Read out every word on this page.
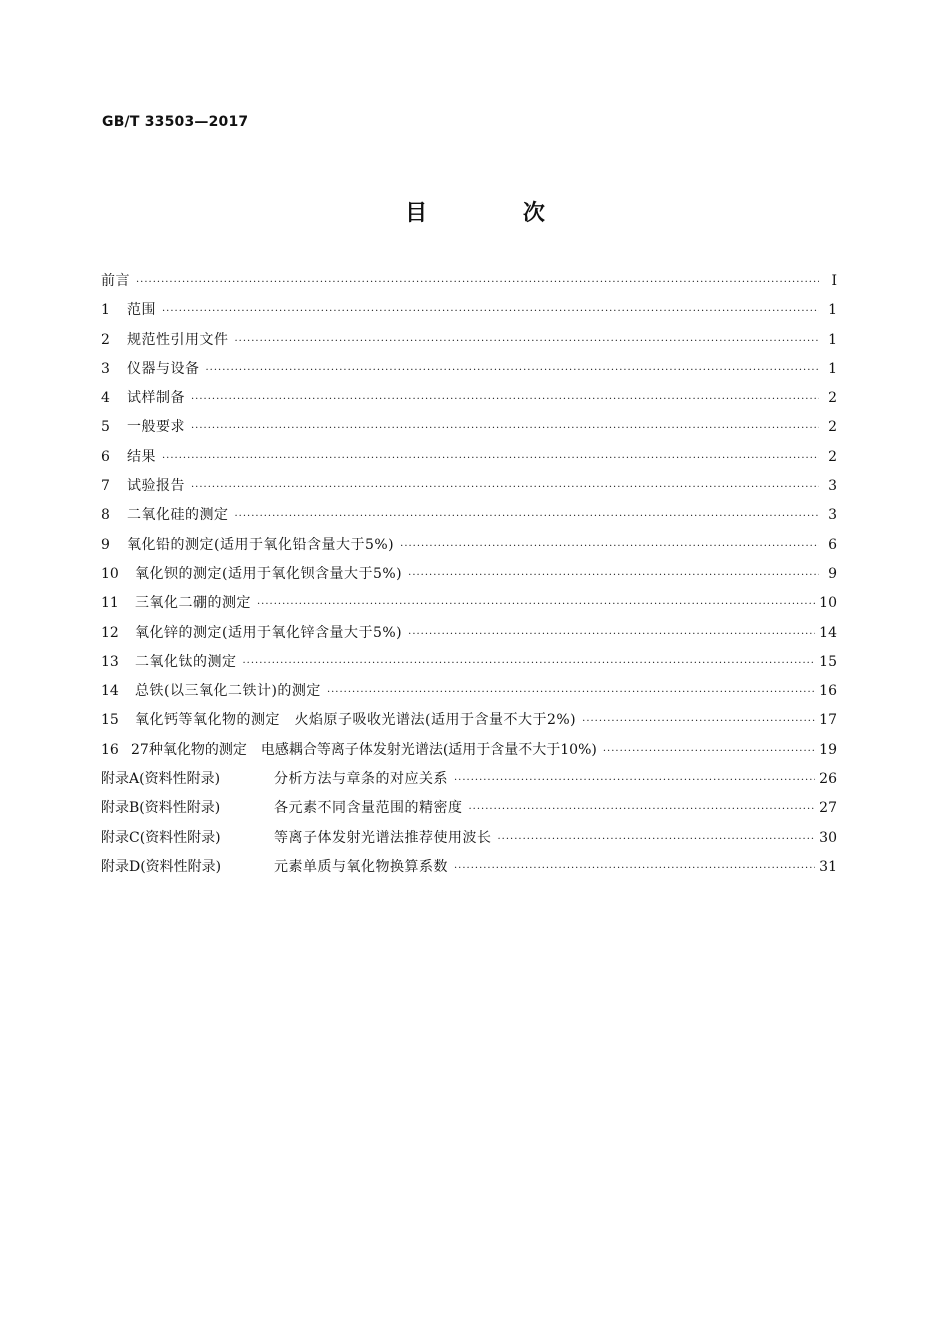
GB/T 33503—2017
目 次
前言 ·····	I
1	范围 ·····	1
2	规范性引用文件 ·····	1
3	仪器与设备 ·····	1
4	试样制备 ·····	2
5	一般要求 ·····	2
6	结果 ·····	2
7	试验报告 ·····	3
8	二氧化硅的测定 ·····	3
9	氧化铅的测定(适用于氧化铅含量大于5%) ·····	6
10	氧化钡的测定(适用于氧化钡含量大于5%) ·····	9
11	三氧化二硼的测定 ·····	10
12	氧化锌的测定(适用于氧化锌含量大于5%) ·····	14
13	二氧化钛的测定 ·····	15
14	总铁(以三氧化二铁计)的测定 ·····	16
15	氧化钙等氧化物的测定　火焰原子吸收光谱法(适用于含量不大于2%) ·····	17
16 27种氧化物的测定　电感耦合等离子体发射光谱法(适用于含量不大于10%) ·····	19
附录A(资料性附录)	分析方法与章条的对应关系 ·····	26
附录B(资料性附录)	各元素不同含量范围的精密度 ·····	27
附录C(资料性附录)	等离子体发射光谱法推荐使用波长 ·····	30
附录D(资料性附录)	元素单质与氧化物换算系数 ·····	31
